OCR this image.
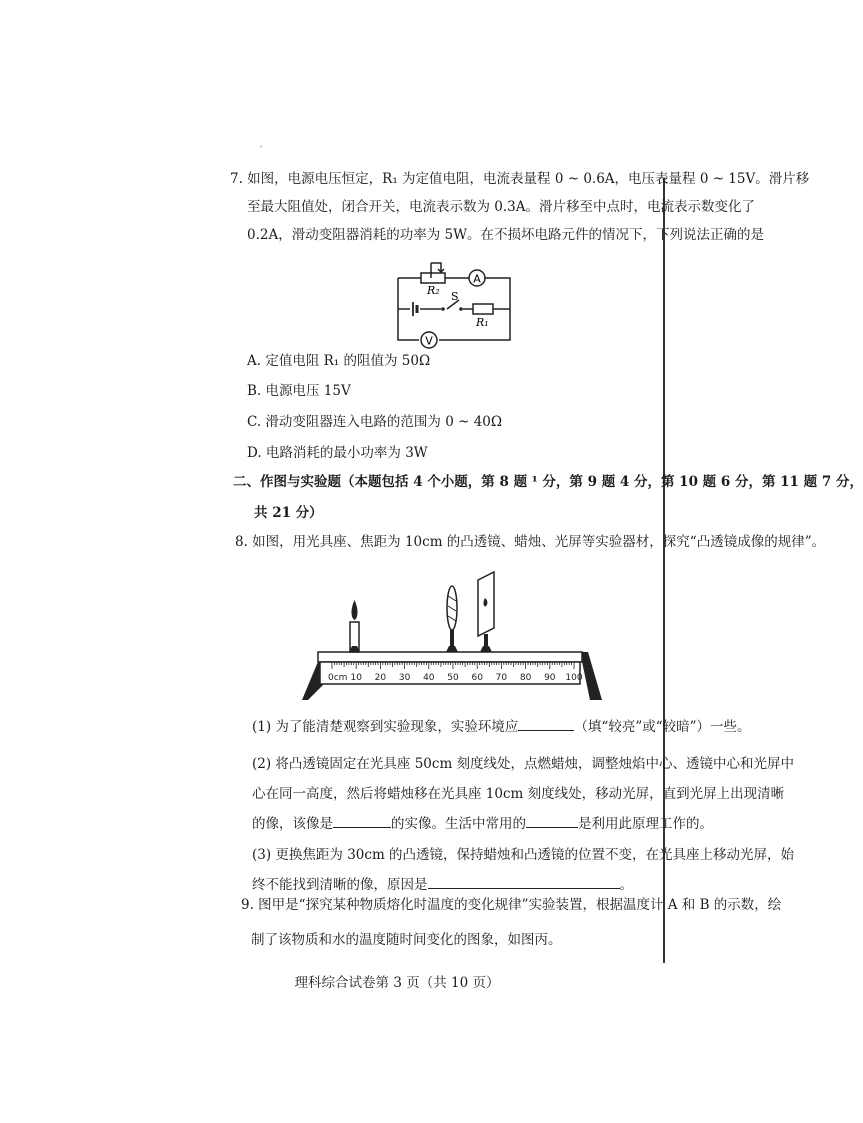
ˊ
7. 如图，电源电压恒定，R₁ 为定值电阻，电流表量程 0 ~ 0.6A，电压表量程 0 ~ 15V。滑片移
至最大阻值处，闭合开关，电流表示数为 0.3A。滑片移至中点时，电流表示数变化了
0.2A，滑动变阻器消耗的功率为 5W。在不损坏电路元件的情况下，下列说法正确的是
A
V
R₂ S
R₁
A. 定值电阻 R₁ 的阻值为 50Ω
B. 电源电压 15V
C. 滑动变阻器连入电路的范围为 0 ~ 40Ω
D. 电路消耗的最小功率为 3W
二、作图与实验题（本题包括 4 个小题，第 8 题 ¹ 分，第 9 题 4 分，第 10 题 6 分，第 11 题 7 分，
共 21 分）
8. 如图，用光具座、焦距为 10cm 的凸透镜、蜡烛、光屏等实验器材，探究“凸透镜成像的规律”。
0cm 10 20 30 40 50 60 70 80 90 100
(1) 为了能清楚观察到实验现象，实验环境应	（填“较亮”或“较暗”）一些。
(2) 将凸透镜固定在光具座 50cm 刻度线处，点燃蜡烛，调整烛焰中心、透镜中心和光屏中
心在同一高度，然后将蜡烛移在光具座 10cm 刻度线处，移动光屏，直到光屏上出现清晰
的像，该像是	的实像。生活中常用的	是利用此原理工作的。
(3) 更换焦距为 30cm 的凸透镜，保持蜡烛和凸透镜的位置不变，在光具座上移动光屏，始
终不能找到清晰的像，原因是	。
9. 图甲是“探究某种物质熔化时温度的变化规律”实验装置，根据温度计 A 和 B 的示数，绘
制了该物质和水的温度随时间变化的图象，如图丙。
理科综合试卷第 3 页（共 10 页）
